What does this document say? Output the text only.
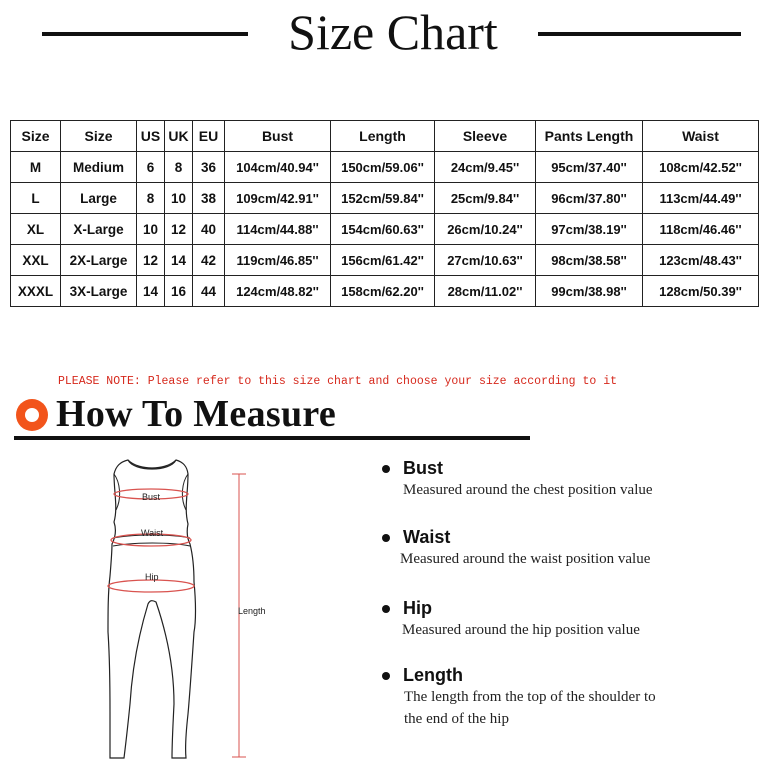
Size Chart
Size	Size	US	UK	EU	Bust	Length	Sleeve	Pants Length	Waist
M	Medium	6	8	36	104cm/40.94''	150cm/59.06''	24cm/9.45''	95cm/37.40''	108cm/42.52''
L	Large	8	10	38	109cm/42.91''	152cm/59.84''	25cm/9.84''	96cm/37.80''	113cm/44.49''
XL	X-Large	10	12	40	114cm/44.88''	154cm/60.63''	26cm/10.24''	97cm/38.19''	118cm/46.46''
XXL	2X-Large	12	14	42	119cm/46.85''	156cm/61.42''	27cm/10.63''	98cm/38.58''	123cm/48.43''
XXXL	3X-Large	14	16	44	124cm/48.82''	158cm/62.20''	28cm/11.02''	99cm/38.98''	128cm/50.39''
PLEASE NOTE: Please refer to this size chart and choose your size according to it
How To Measure
Bust
Waist
Hip
Length
Bust
Measured around the chest position value
Waist
Measured around the waist position value
Hip
Measured around the hip position value
Length
The length from the top of the shoulder to
the end of the hip
